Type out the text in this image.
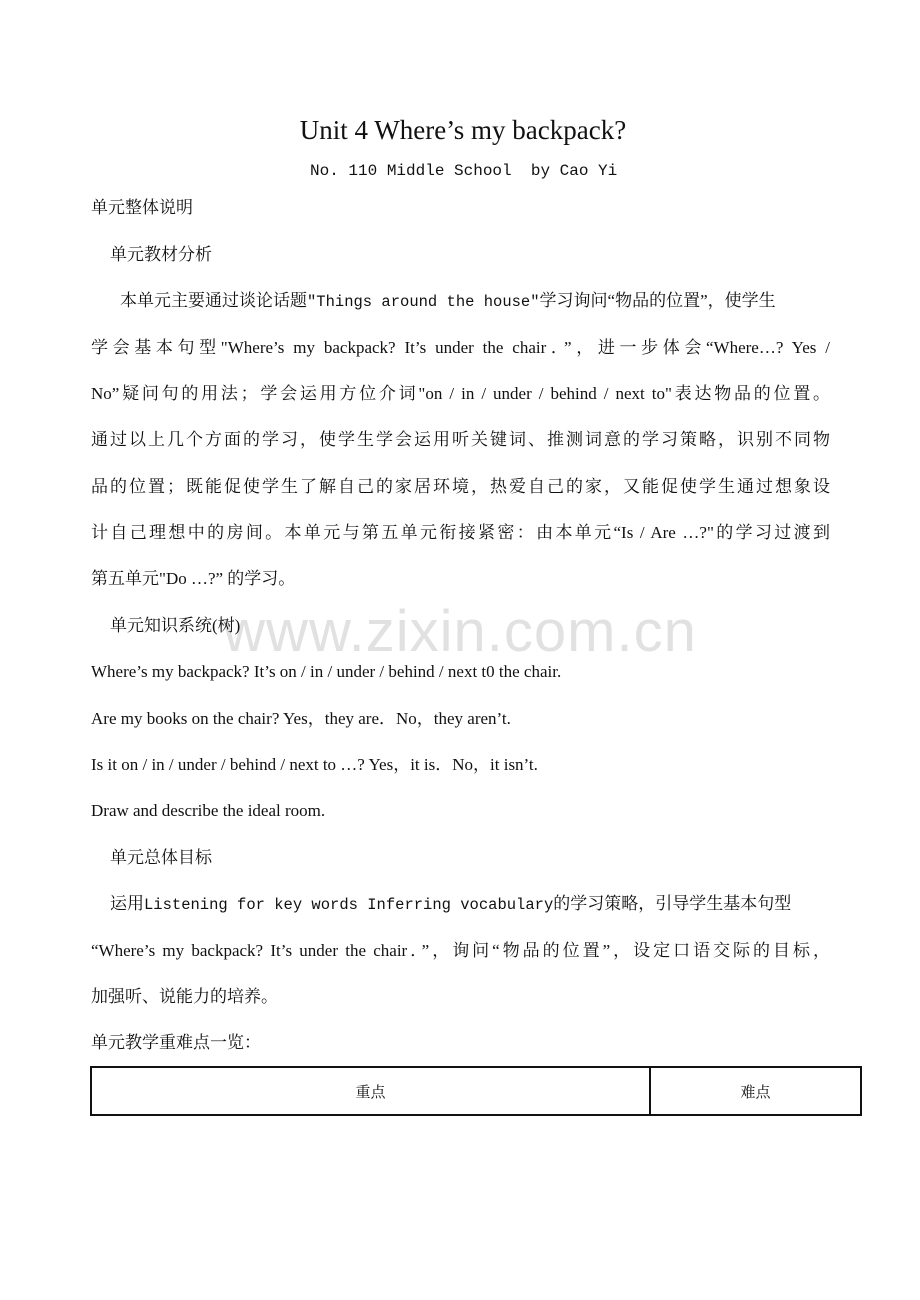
Unit 4 Where’s my backpack?
No. 110 Middle School  by Cao Yi
单元整体说明
单元教材分析
本单元主要通过谈论话题"Things around the house"学习询问“物品的位置”，使学生
学会基本句型"Where’s my backpack? It’s under the chair．”，进一步体会“Where…? Yes /
No”疑问句的用法；学会运用方位介词"on / in / under / behind / next to"表达物品的位置。
通过以上几个方面的学习，使学生学会运用听关键词、推测词意的学习策略，识别不同物
品的位置；既能促使学生了解自己的家居环境，热爱自己的家，又能促使学生通过想象设
计自己理想中的房间。本单元与第五单元衔接紧密：由本单元“Is / Are …?"的学习过渡到
第五单元"Do …?” 的学习。
www.zixin.com.cn
单元知识系统(树)
Where’s my backpack? It’s on / in / under / behind / next t0 the chair.
Are my books on the chair? Yes，they are．No，they aren’t.
Is it on / in / under / behind / next to …? Yes，it is．No，it isn’t.
Draw and describe the ideal room.
单元总体目标
运用Listening for key words Inferring vocabulary的学习策略，引导学生基本句型
“Where’s my backpack? It’s under the chair．”，询问“物品的位置”，设定口语交际的目标，
加强听、说能力的培养。
单元教学重难点一览：
重点	难点
